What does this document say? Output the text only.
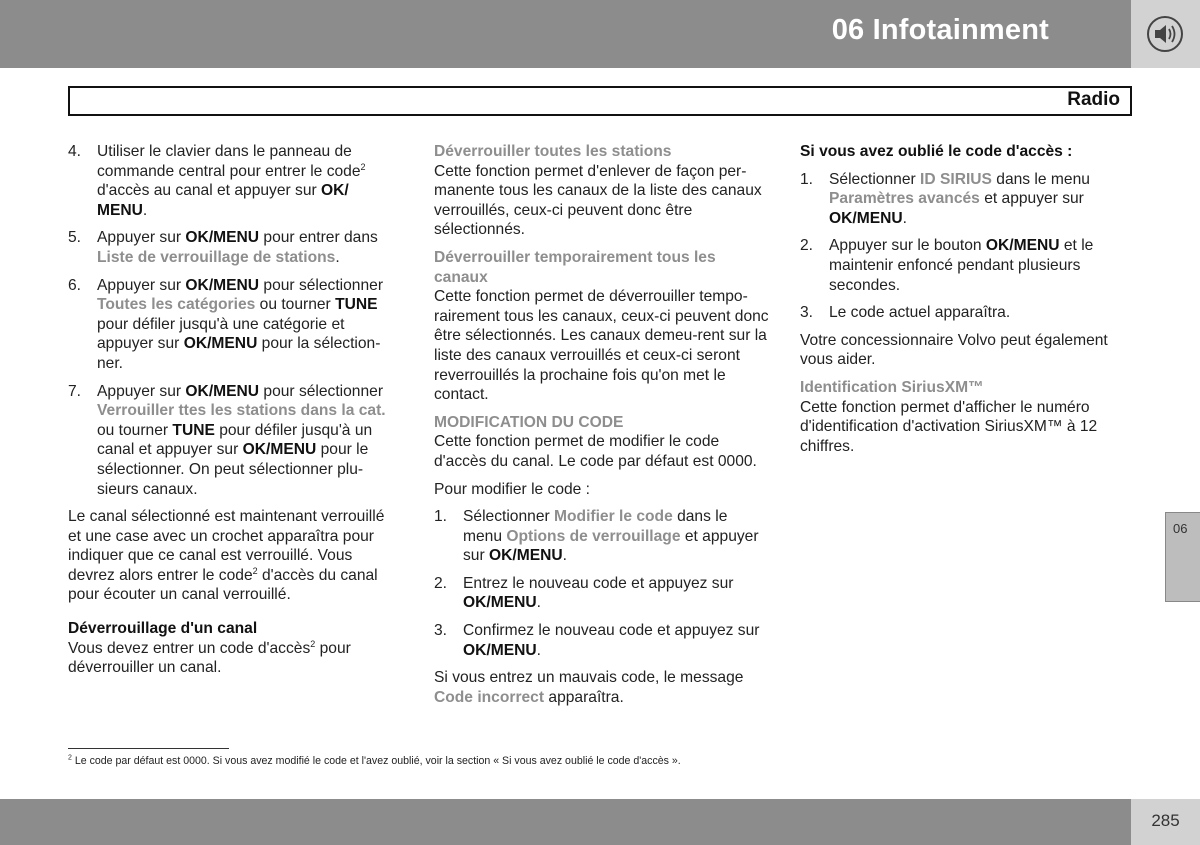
06 Infotainment
Radio
4.	Utiliser le clavier dans le panneau de commande central pour entrer le code$^2$ d'accès au canal et appuyer sur OK/ MENU.
5.	Appuyer sur OK/MENU pour entrer dans Liste de verrouillage de stations.
6.	Appuyer sur OK/MENU pour sélectionner Toutes les catégories ou tourner TUNE pour défiler jusqu'à une catégorie et appuyer sur OK/MENU pour la sélection-ner.
7.	Appuyer sur OK/MENU pour sélectionner Verrouiller ttes les stations dans la cat. ou tourner TUNE pour défiler jusqu'à un canal et appuyer sur OK/MENU pour le sélectionner. On peut sélectionner plu-sieurs canaux.

Le canal sélectionné est maintenant verrouillé et une case avec un crochet apparaîtra pour indiquer que ce canal est verrouillé. Vous devrez alors entrer le code$^2$ d'accès du canal pour écouter un canal verrouillé.

Déverrouillage d'un canal

Vous devez entrer un code d'accès$^2$ pour déverrouiller un canal.

Déverrouiller toutes les stations

Cette fonction permet d'enlever de façon per-manente tous les canaux de la liste des canaux verrouillés, ceux-ci peuvent donc être sélectionnés.

Déverrouiller temporairement tous les canaux

Cette fonction permet de déverrouiller tempo-rairement tous les canaux, ceux-ci peuvent donc être sélectionnés. Les canaux demeu-rent sur la liste des canaux verrouillés et ceux-ci seront reverrouillés la prochaine fois qu'on met le contact.

MODIFICATION DU CODE

Cette fonction permet de modifier le code d'accès du canal. Le code par défaut est 0000.

Pour modifier le code :

1.	Sélectionner Modifier le code dans le menu Options de verrouillage et appuyer sur OK/MENU.
2.	Entrez le nouveau code et appuyez sur OK/MENU.
3.	Confirmez le nouveau code et appuyez sur OK/MENU.

Si vous entrez un mauvais code, le message Code incorrect apparaîtra.

Si vous avez oublié le code d'accès :
1.	Sélectionner ID SIRIUS dans le menu Paramètres avancés et appuyer sur OK/MENU.
2.	Appuyer sur le bouton OK/MENU et le maintenir enfoncé pendant plusieurs secondes.
3.	Le code actuel apparaîtra.

Votre concessionnaire Volvo peut également vous aider.

Identification SiriusXM™

Cette fonction permet d'afficher le numéro d'identification d'activation SiriusXM™ à 12 chiffres.

$^2$ Le code par défaut est 0000. Si vous avez modifié le code et l'avez oublié, voir la section « Si vous avez oublié le code d'accès ».
06
285
